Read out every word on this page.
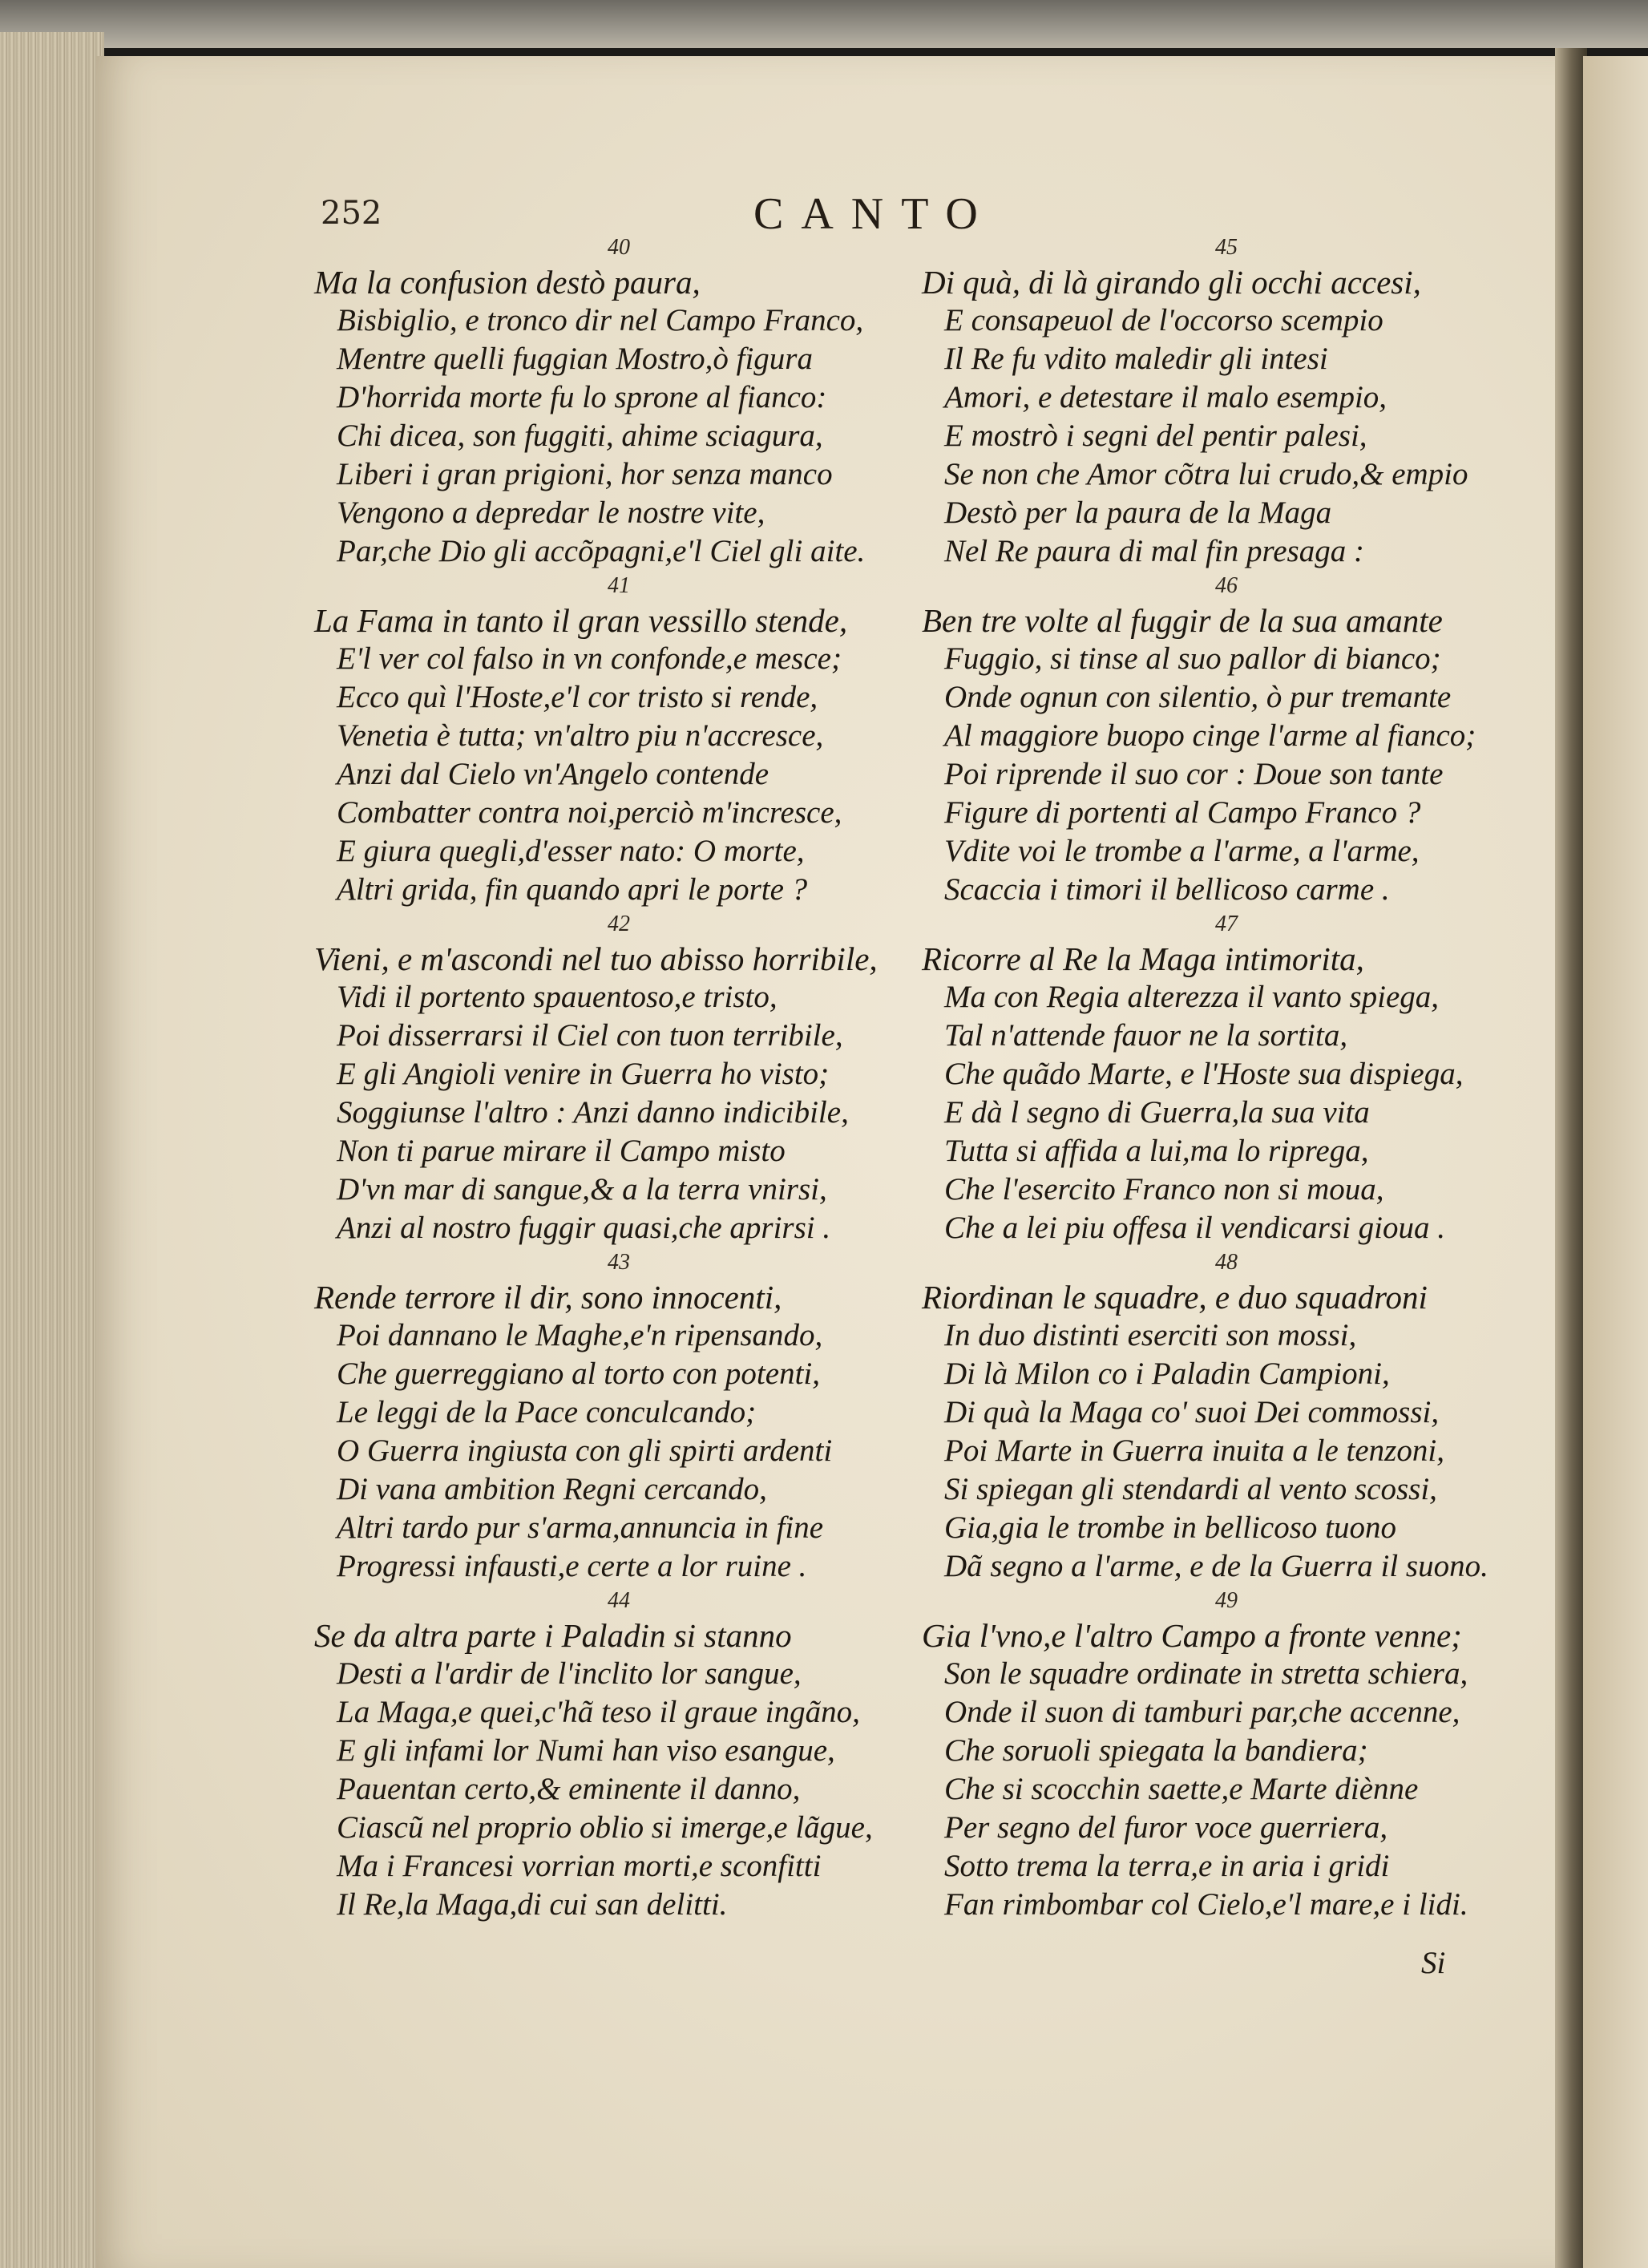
252	CANTO
40
Ma la confusion destò paura,
Bisbiglio, e tronco dir nel Campo Franco,
Mentre quelli fuggian Mostro,ò figura
D'horrida morte fu lo sprone al fianco:
Chi dicea, son fuggiti, ahime sciagura,
Liberi i gran prigioni, hor senza manco
Vengono a depredar le nostre vite,
Par,che Dio gli accõpagni,e'l Ciel gli aite.
41
La Fama in tanto il gran vessillo stende,
E'l ver col falso in vn confonde,e mesce;
Ecco quì l'Hoste,e'l cor tristo si rende,
Venetia è tutta; vn'altro piu n'accresce,
Anzi dal Cielo vn'Angelo contende
Combatter contra noi,perciò m'incresce,
E giura quegli,d'esser nato: O morte,
Altri grida, fin quando apri le porte ?
42
Vieni, e m'ascondi nel tuo abisso horribile,
Vidi il portento spauentoso,e tristo,
Poi disserrarsi il Ciel con tuon terribile,
E gli Angioli venire in Guerra ho visto;
Soggiunse l'altro : Anzi danno indicibile,
Non ti parue mirare il Campo misto
D'vn mar di sangue,& a la terra vnirsi,
Anzi al nostro fuggir quasi,che aprirsi .
43
Rende terrore il dir, sono innocenti,
Poi dannano le Maghe,e'n ripensando,
Che guerreggiano al torto con potenti,
Le leggi de la Pace conculcando;
O Guerra ingiusta con gli spirti ardenti
Di vana ambition Regni cercando,
Altri tardo pur s'arma,annuncia in fine
Progressi infausti,e certe a lor ruine .
44
Se da altra parte i Paladin si stanno
Desti a l'ardir de l'inclito lor sangue,
La Maga,e quei,c'hã teso il graue ingãno,
E gli infami lor Numi han viso esangue,
Pauentan certo,& eminente il danno,
Ciascũ nel proprio oblio si imerge,e lãgue,
Ma i Francesi vorrian morti,e sconfitti
Il Re,la Maga,di cui san delitti.
45
Di quà, di là girando gli occhi accesi,
E consapeuol de l'occorso scempio
Il Re fu vdito maledir gli intesi
Amori, e detestare il malo esempio,
E mostrò i segni del pentir palesi,
Se non che Amor cõtra lui crudo,& empio
Destò per la paura de la Maga
Nel Re paura di mal fin presaga :
46
Ben tre volte al fuggir de la sua amante
Fuggio, si tinse al suo pallor di bianco;
Onde ognun con silentio, ò pur tremante
Al maggiore buopo cinge l'arme al fianco;
Poi riprende il suo cor : Doue son tante
Figure di portenti al Campo Franco ?
Vdite voi le trombe a l'arme, a l'arme,
Scaccia i timori il bellicoso carme .
47
Ricorre al Re la Maga intimorita,
Ma con Regia alterezza il vanto spiega,
Tal n'attende fauor ne la sortita,
Che quãdo Marte, e l'Hoste sua dispiega,
E dà l segno di Guerra,la sua vita
Tutta si affida a lui,ma lo riprega,
Che l'esercito Franco non si moua,
Che a lei piu offesa il vendicarsi gioua .
48
Riordinan le squadre, e duo squadroni
In duo distinti eserciti son mossi,
Di là Milon co i Paladin Campioni,
Di quà la Maga co' suoi Dei commossi,
Poi Marte in Guerra inuita a le tenzoni,
Si spiegan gli stendardi al vento scossi,
Gia,gia le trombe in bellicoso tuono
Dã segno a l'arme, e de la Guerra il suono.
49
Gia l'vno,e l'altro Campo a fronte venne;
Son le squadre ordinate in stretta schiera,
Onde il suon di tamburi par,che accenne,
Che soruoli spiegata la bandiera;
Che si scocchin saette,e Marte diènne
Per segno del furor voce guerriera,
Sotto trema la terra,e in aria i gridi
Fan rimbombar col Cielo,e'l mare,e i lidi.
Si
